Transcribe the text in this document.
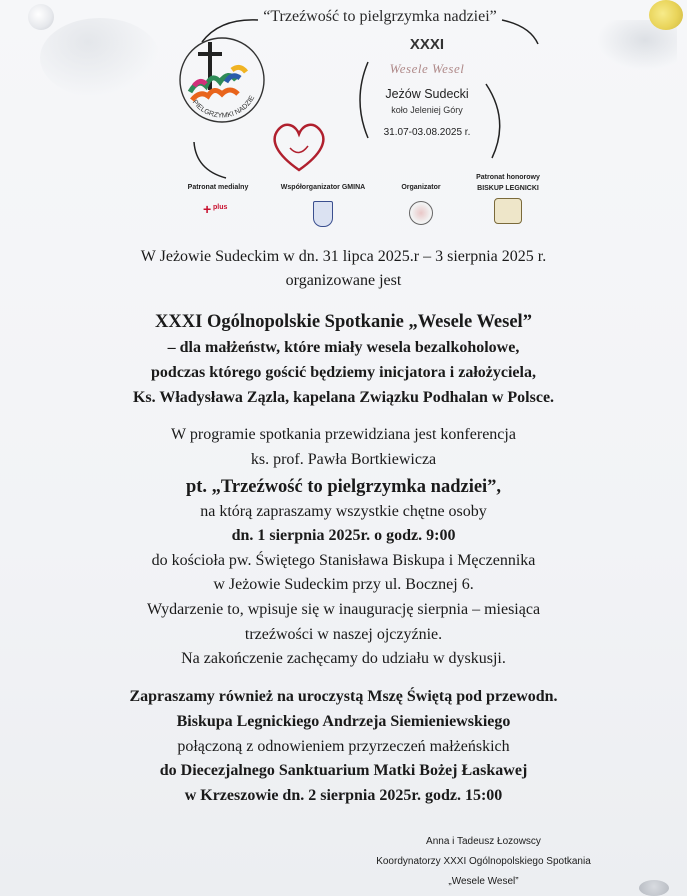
“Trzeźwość to pielgrzymka nadziei”
PIELGRZYMKI NADZIE
XXXI
Wesele Wesel
Jeżów Sudecki
koło Jeleniej Góry
31.07-03.08.2025 r.
Patronat medialny
+ plus
Współorganizator GMINA	Organizator
Patronat honorowy BISKUP LEGNICKI
W Jeżowie Sudeckim w dn. 31 lipca 2025.r – 3 sierpnia 2025 r.
organizowane jest
XXXI Ogólnopolskie Spotkanie „Wesele Wesel”
– dla małżeństw, które miały wesela bezalkoholowe,
podczas którego gościć będziemy inicjatora i założyciela,
Ks. Władysława Zązla, kapelana Związku Podhalan w Polsce.
W programie spotkania przewidziana jest konferencja
ks. prof. Pawła Bortkiewicza
pt. „Trzeźwość to pielgrzymka nadziei”,
na którą zapraszamy wszystkie chętne osoby
dn. 1 sierpnia 2025r. o godz. 9:00
do kościoła pw. Świętego Stanisława Biskupa i Męczennika
w Jeżowie Sudeckim przy ul. Bocznej 6.
Wydarzenie to, wpisuje się w inaugurację sierpnia – miesiąca
trzeźwości w naszej ojczyźnie.
Na zakończenie zachęcamy do udziału w dyskusji.
Zapraszamy również na uroczystą Mszę Świętą pod przewodn.
Biskupa Legnickiego Andrzeja Siemieniewskiego
połączoną z odnowieniem przyrzeczeń małżeńskich
do Diecezjalnego Sanktuarium Matki Bożej Łaskawej
w Krzeszowie dn. 2 sierpnia 2025r. godz. 15:00
Anna i Tadeusz Łozowscy
Koordynatorzy XXXI Ogólnopolskiego Spotkania
„Wesele Wesel”
